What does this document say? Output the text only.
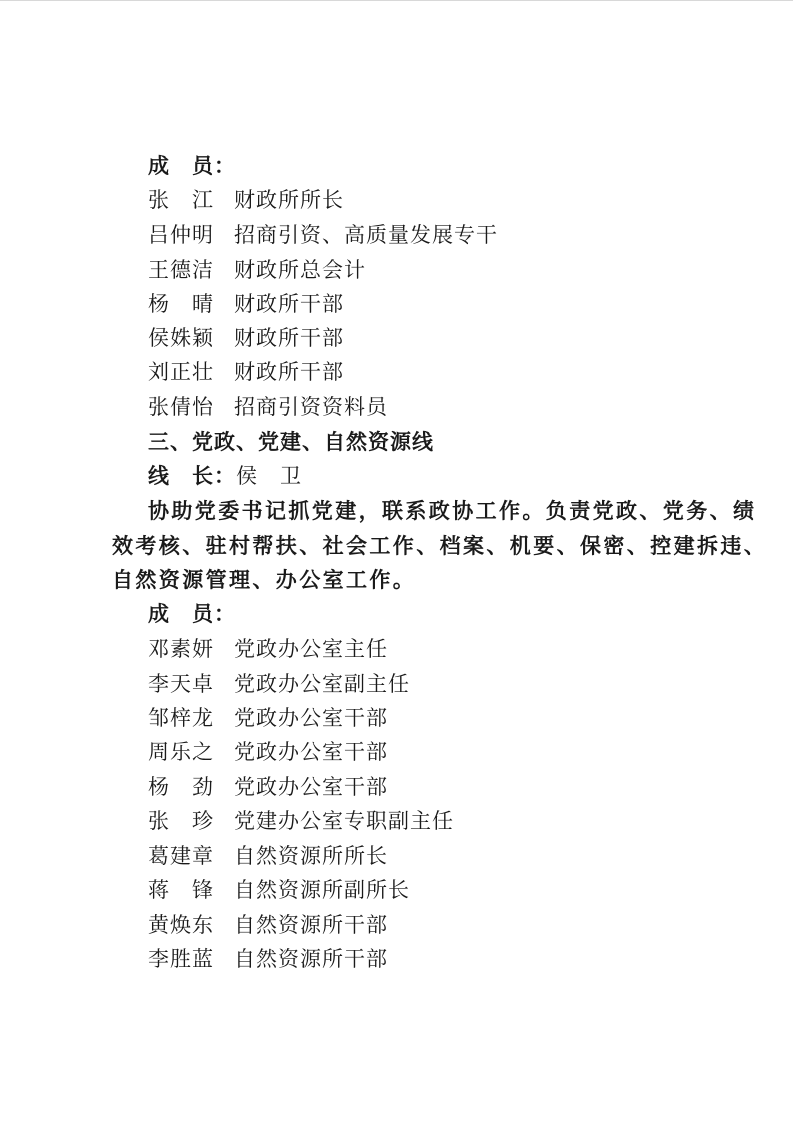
成　员：
张　江 财政所所长
吕仲明 招商引资、高质量发展专干
王德洁 财政所总会计
杨　晴 财政所干部
侯姝颖 财政所干部
刘正壮 财政所干部
张倩怡 招商引资资料员
三、党政、党建、自然资源线
线　长：侯　卫
协助党委书记抓党建，联系政协工作。负责党政、党务、绩
效考核、驻村帮扶、社会工作、档案、机要、保密、控建拆违、
自然资源管理、办公室工作。
成　员：
邓素妍 党政办公室主任
李天卓 党政办公室副主任
邹梓龙 党政办公室干部
周乐之 党政办公室干部
杨　劲 党政办公室干部
张　珍 党建办公室专职副主任
葛建章 自然资源所所长
蒋　锋 自然资源所副所长
黄焕东 自然资源所干部
李胜蓝 自然资源所干部
